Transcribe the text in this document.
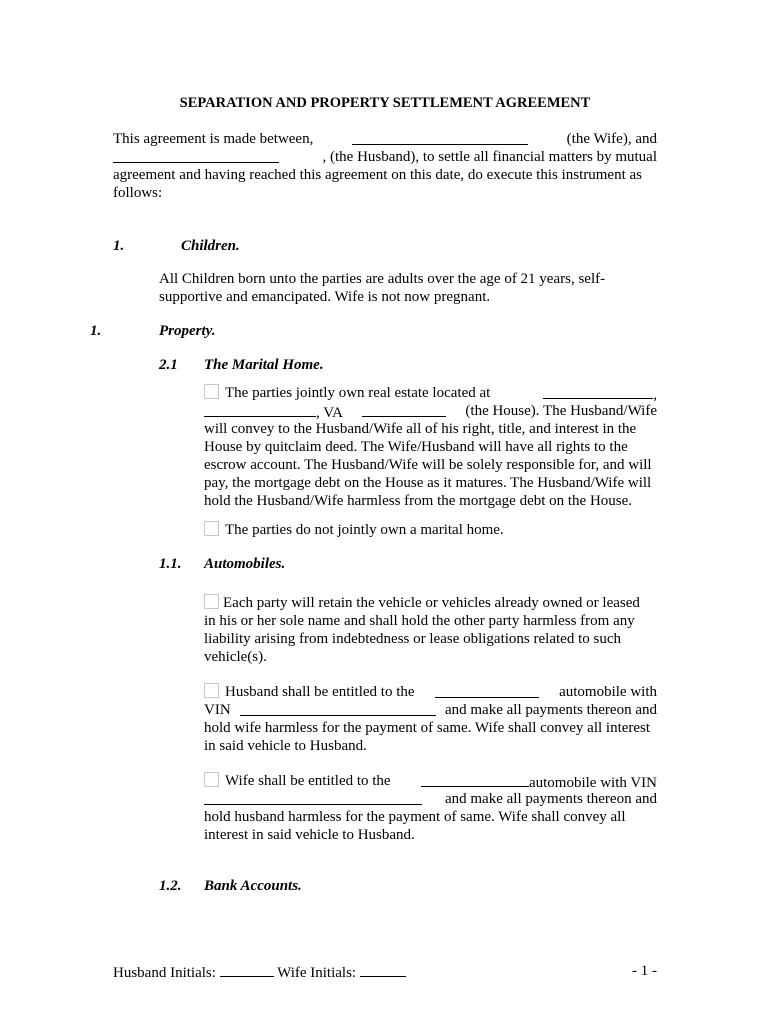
SEPARATION AND PROPERTY SETTLEMENT AGREEMENT
This agreement is made between,	(the Wife), and
, (the Husband), to settle all financial matters by mutual
agreement and having reached this agreement on this date, do execute this instrument as
follows:
1.	Children.
All Children born unto the parties are adults over the age of 21 years, self-
supportive and emancipated. Wife is not now pregnant.
1.	Property.
2.1 The Marital Home.
The parties jointly own real estate located at	,
, VA	(the House). The Husband/Wife
will convey to the Husband/Wife all of his right, title, and interest in the
House by quitclaim deed. The Wife/Husband will have all rights to the
escrow account. The Husband/Wife will be solely responsible for, and will
pay, the mortgage debt on the House as it matures. The Husband/Wife will
hold the Husband/Wife harmless from the mortgage debt on the House.
The parties do not jointly own a marital home.
1.1. Automobiles.
Each party will retain the vehicle or vehicles already owned or leased
in his or her sole name and shall hold the other party harmless from any
liability arising from indebtedness or lease obligations related to such
vehicle(s).
Husband shall be entitled to the	automobile with
VIN	and make all payments thereon and
hold wife harmless for the payment of same. Wife shall convey all interest
in said vehicle to Husband.
Wife shall be entitled to the	automobile with VIN
and make all payments thereon and
hold husband harmless for the payment of same. Wife shall convey all
interest in said vehicle to Husband.
1.2. Bank Accounts.
Husband Initials:	Wife Initials:	- 1 -
